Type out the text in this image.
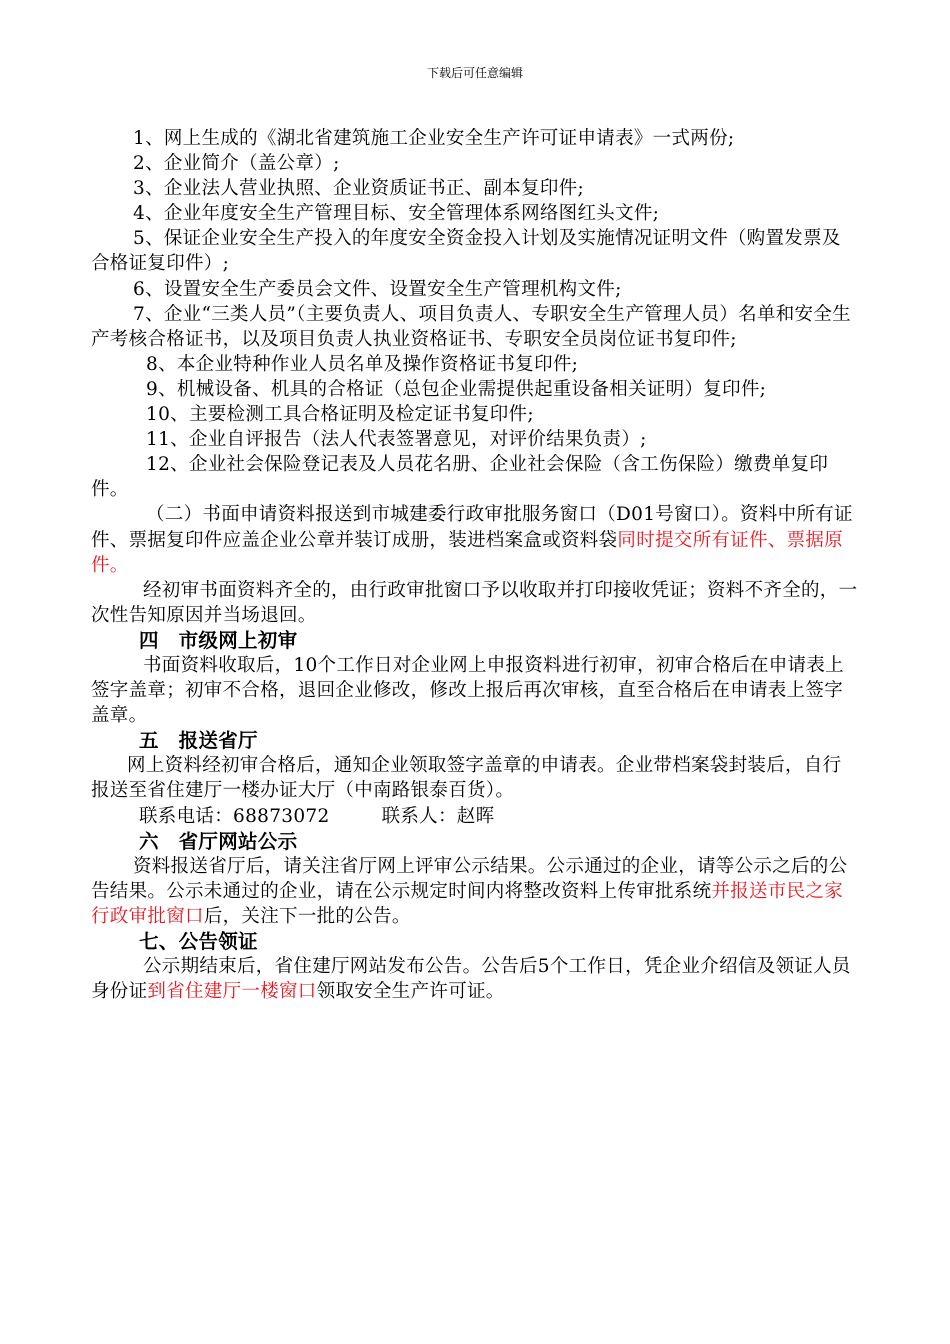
下载后可任意编辑

1、网上生成的《湖北省建筑施工企业安全生产许可证申请表》一式两份;

2、企业简介（盖公章）;

3、企业法人营业执照、企业资质证书正、副本复印件;

4、企业年度安全生产管理目标、安全管理体系网络图红头文件;

5、保证企业安全生产投入的年度安全资金投入计划及实施情况证明文件（购置发票及合格证复印件）;

6、设置安全生产委员会文件、设置安全生产管理机构文件;

7、企业“三类人员”（主要负责人、项目负责人、专职安全生产管理人员）名单和安全生产考核合格证书，以及项目负责人执业资格证书、专职安全员岗位证书复印件;

8、本企业特种作业人员名单及操作资格证书复印件;

9、机械设备、机具的合格证（总包企业需提供起重设备相关证明）复印件;

10、主要检测工具合格证明及检定证书复印件;

11、企业自评报告（法人代表签署意见，对评价结果负责）;

12、企业社会保险登记表及人员花名册、企业社会保险（含工伤保险）缴费单复印件。

（二）书面申请资料报送到市城建委行政审批服务窗口（D01号窗口）。资料中所有证件、票据复印件应盖企业公章并装订成册，装进档案盒或资料袋同时提交所有证件、票据原件。

经初审书面资料齐全的，由行政审批窗口予以收取并打印接收凭证；资料不齐全的，一次性告知原因并当场退回。

四　市级网上初审

书面资料收取后，10个工作日对企业网上申报资料进行初审，初审合格后在申请表上签字盖章；初审不合格，退回企业修改，修改上报后再次审核，直至合格后在申请表上签字盖章。

五　报送省厅

网上资料经初审合格后，通知企业领取签字盖章的申请表。企业带档案袋封装后，自行报送至省住建厅一楼办证大厅（中南路银泰百货）。

联系电话：68873072	联系人：赵晖

六　省厅网站公示

资料报送省厅后，请关注省厅网上评审公示结果。公示通过的企业，请等公示之后的公告结果。公示未通过的企业，请在公示规定时间内将整改资料上传审批系统并报送市民之家行政审批窗口后，关注下一批的公告。

七、公告领证

公示期结束后，省住建厅网站发布公告。公告后5个工作日，凭企业介绍信及领证人员身份证到省住建厅一楼窗口领取安全生产许可证。
